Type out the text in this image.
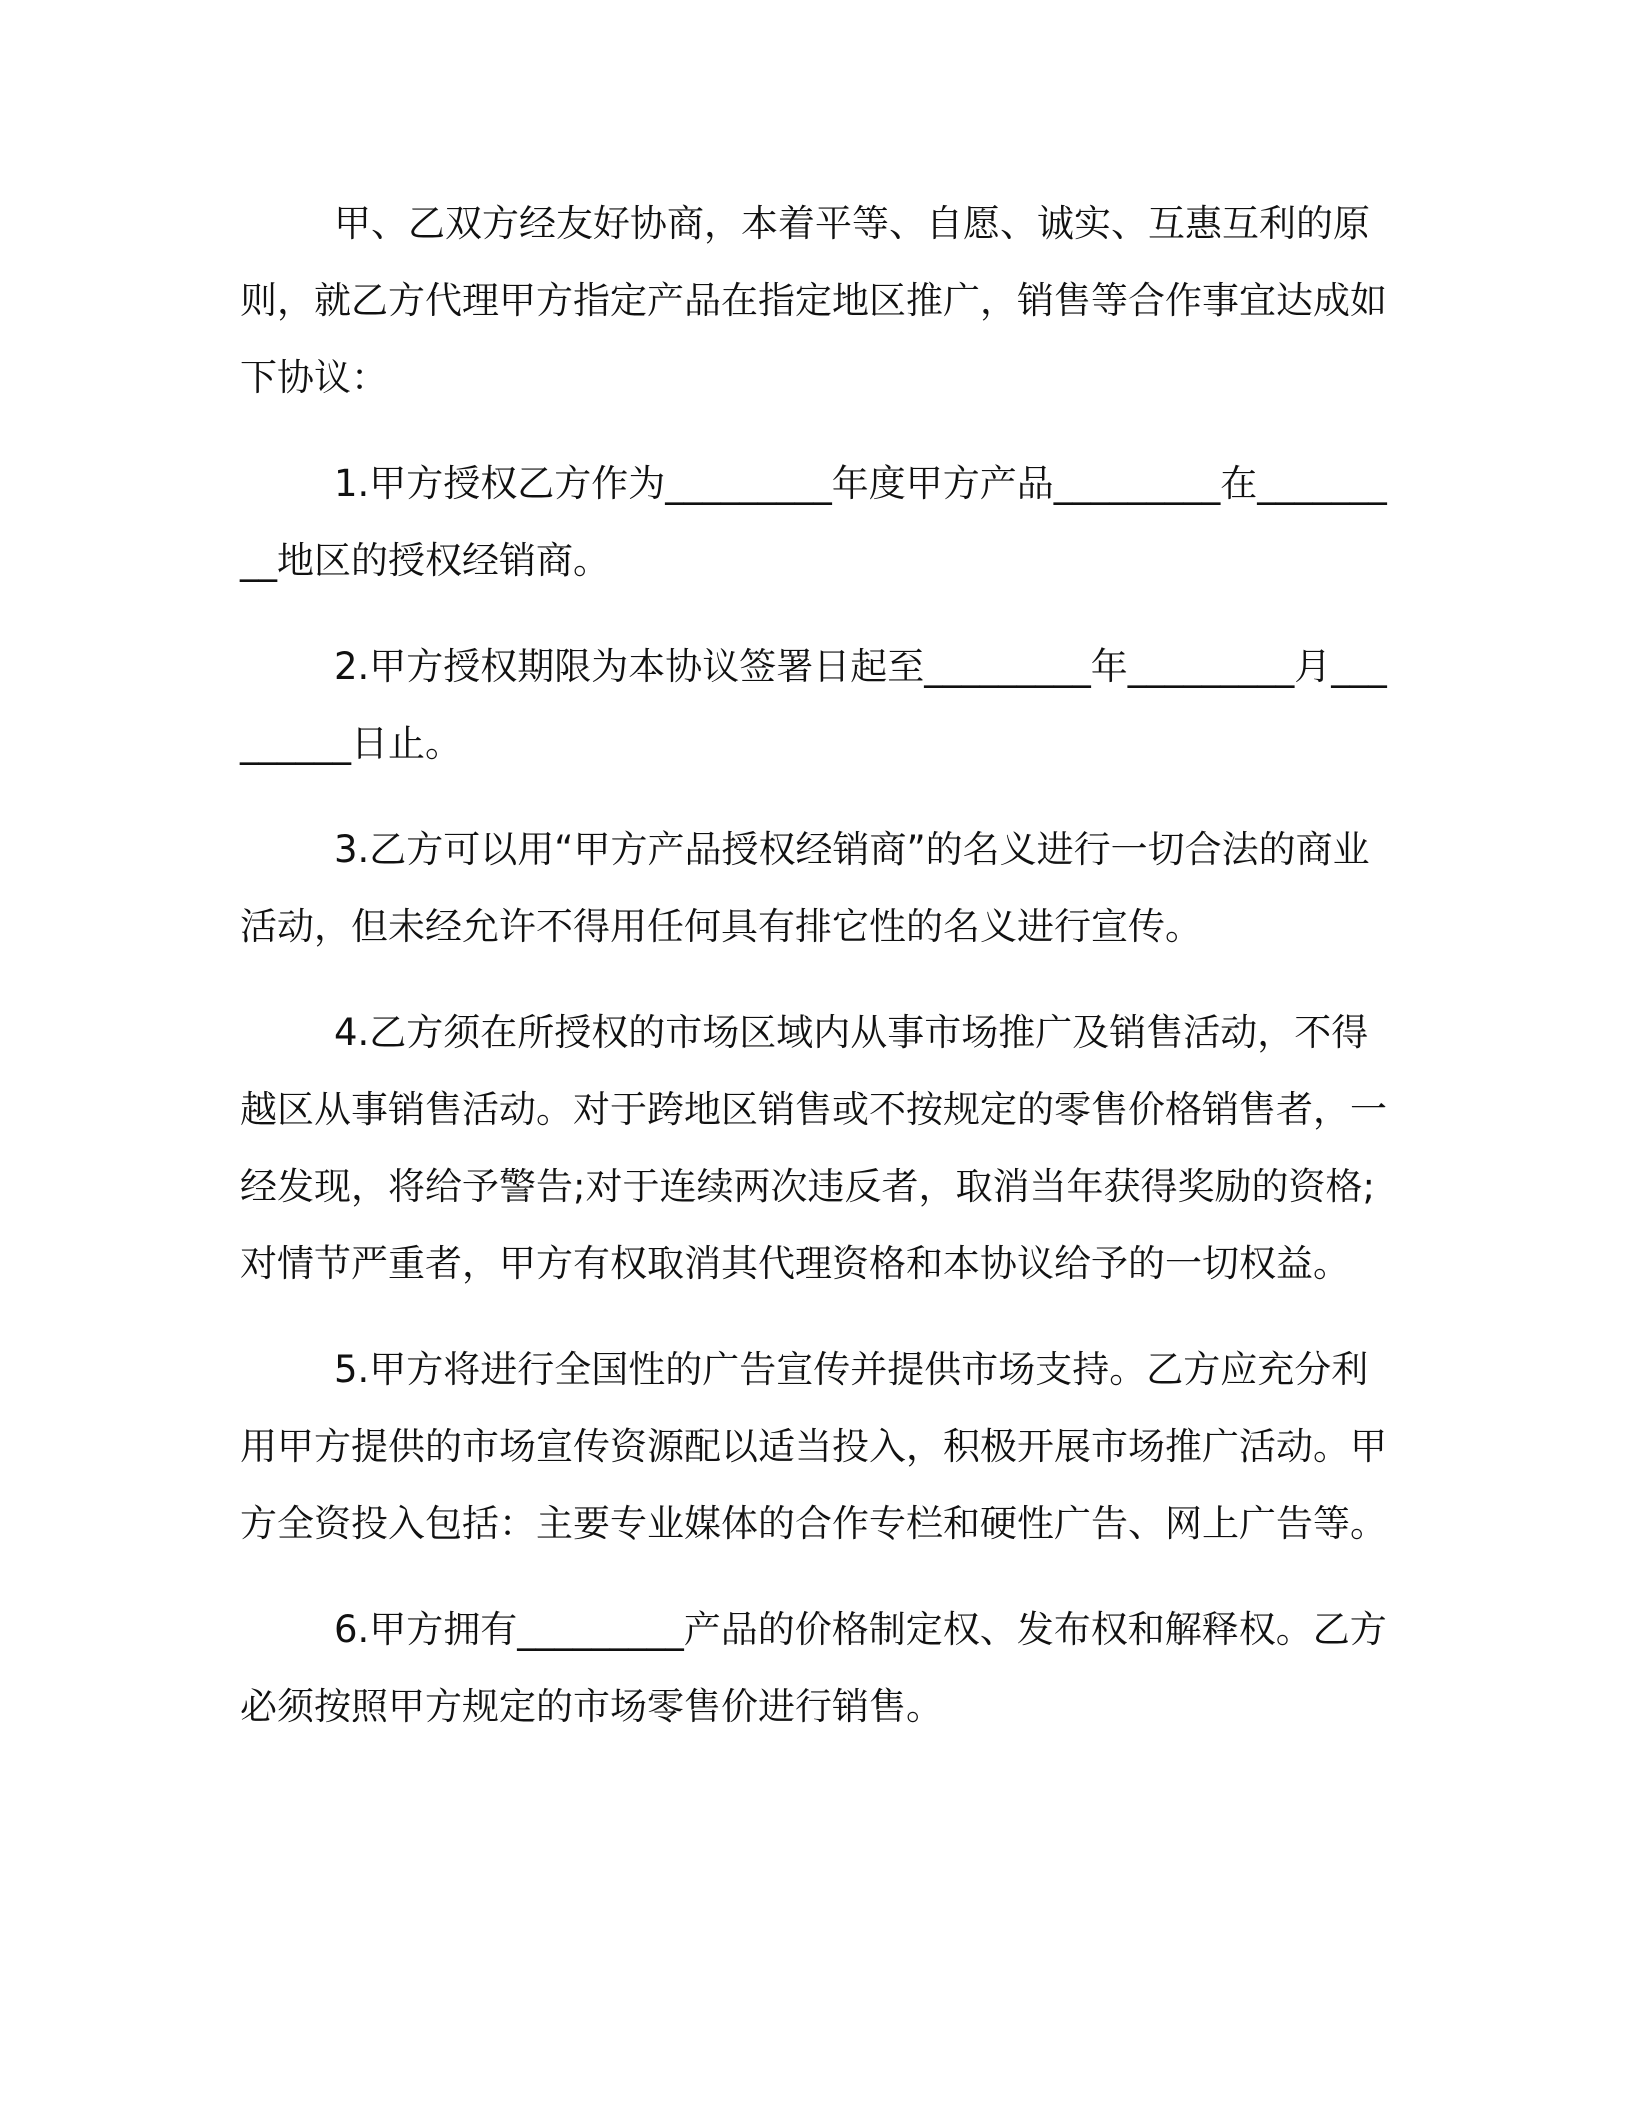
甲、乙双方经友好协商，本着平等、自愿、诚实、互惠互利的原则，就乙方代理甲方指定产品在指定地区推广，销售等合作事宜达成如下协议：

1.甲方授权乙方作为_________年度甲方产品_________在_________地区的授权经销商。

2.甲方授权期限为本协议签署日起至_________年_________月_________日止。

3.乙方可以用“甲方产品授权经销商”的名义进行一切合法的商业活动，但未经允许不得用任何具有排它性的名义进行宣传。

4.乙方须在所授权的市场区域内从事市场推广及销售活动，不得越区从事销售活动。对于跨地区销售或不按规定的零售价格销售者，一经发现，将给予警告;对于连续两次违反者，取消当年获得奖励的资格;对情节严重者，甲方有权取消其代理资格和本协议给予的一切权益。

5.甲方将进行全国性的广告宣传并提供市场支持。乙方应充分利用甲方提供的市场宣传资源配以适当投入，积极开展市场推广活动。甲方全资投入包括：主要专业媒体的合作专栏和硬性广告、网上广告等。

6.甲方拥有_________产品的价格制定权、发布权和解释权。乙方必须按照甲方规定的市场零售价进行销售。
